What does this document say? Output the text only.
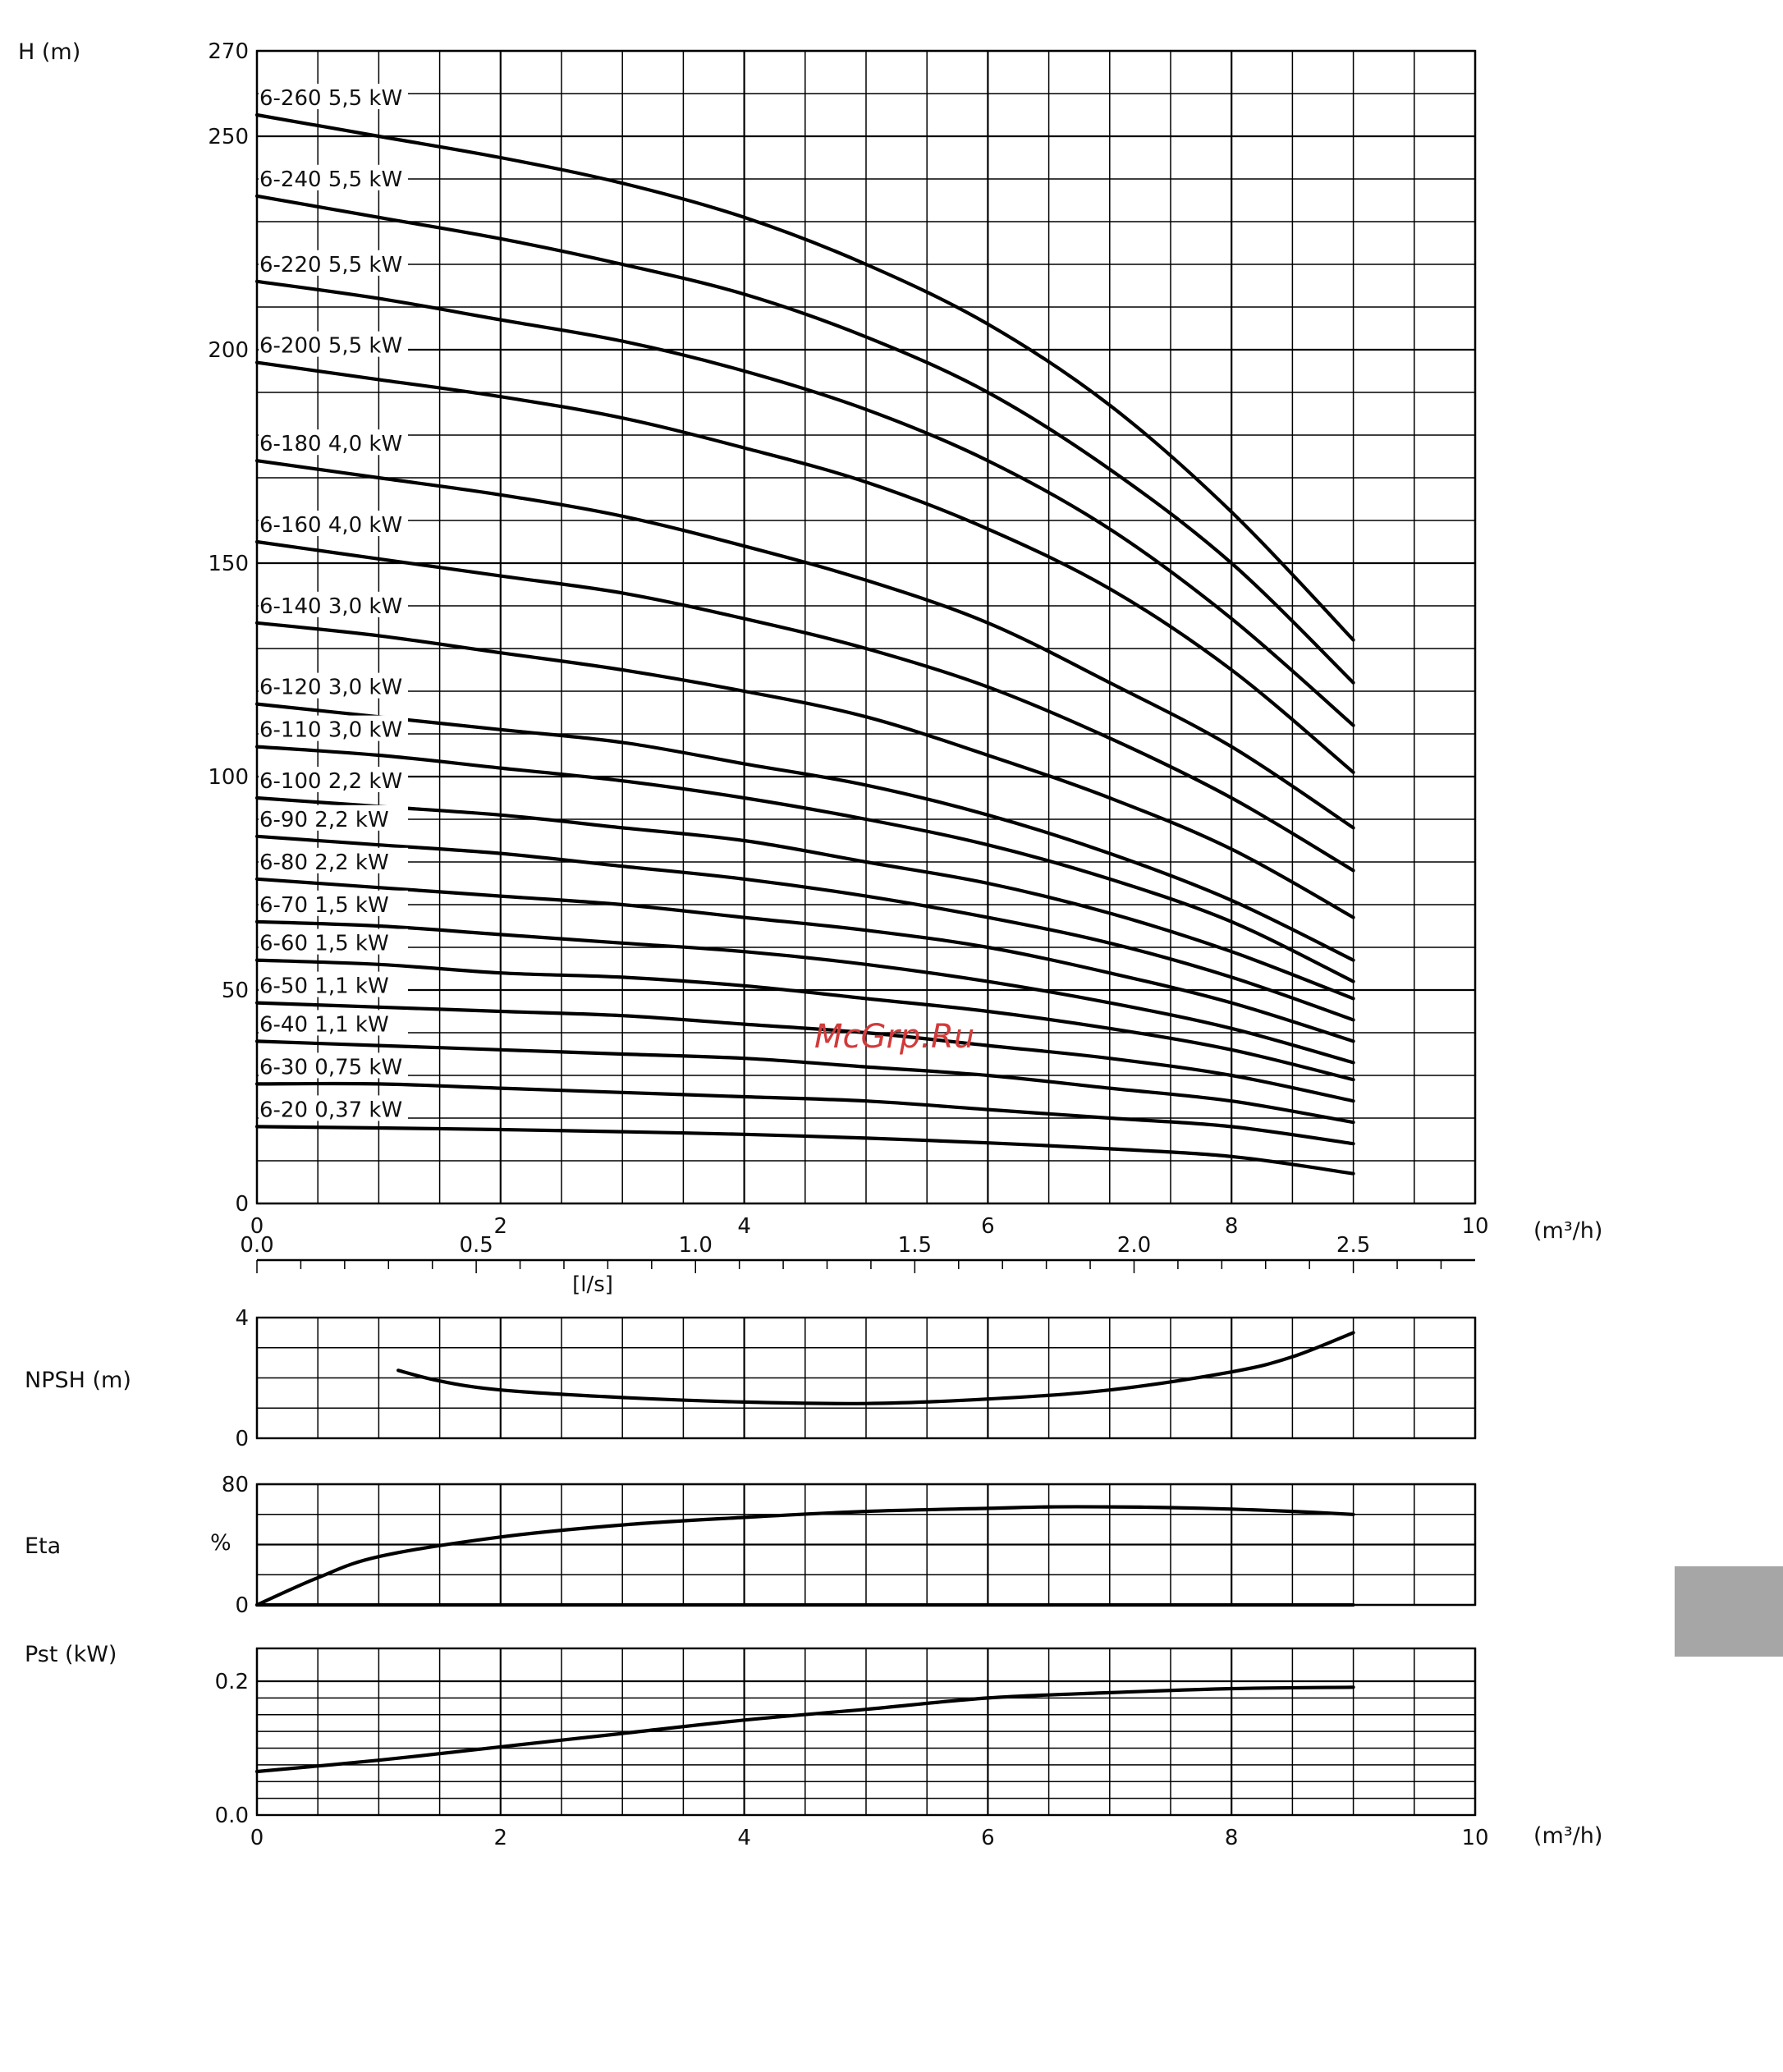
0
50
100
150
200
250
270
0	2	4	6	8	10
6-260 5,5 kW
6-240 5,5 kW
6-220 5,5 kW
6-200 5,5 kW
6-180 4,0 kW
6-160 4,0 kW
6-140 3,0 kW
6-120 3,0 kW
6-110 3,0 kW
6-100 2,2 kW
6-90 2,2 kW
6-80 2,2 kW
6-70 1,5 kW
6-60 1,5 kW
6-50 1,1 kW
6-40 1,1 kW
6-30 0,75 kW
6-20 0,37 kW
0.0	0.5	1.0	1.5	2.0	2.5
0
4
0
80
0.0
0.2
0	2	4	6	8	10
H (m)
(m³/h)
(m³/h)
[l/s]
NPSH (m)
Eta	%
Pst (kW)
McGrp.Ru
